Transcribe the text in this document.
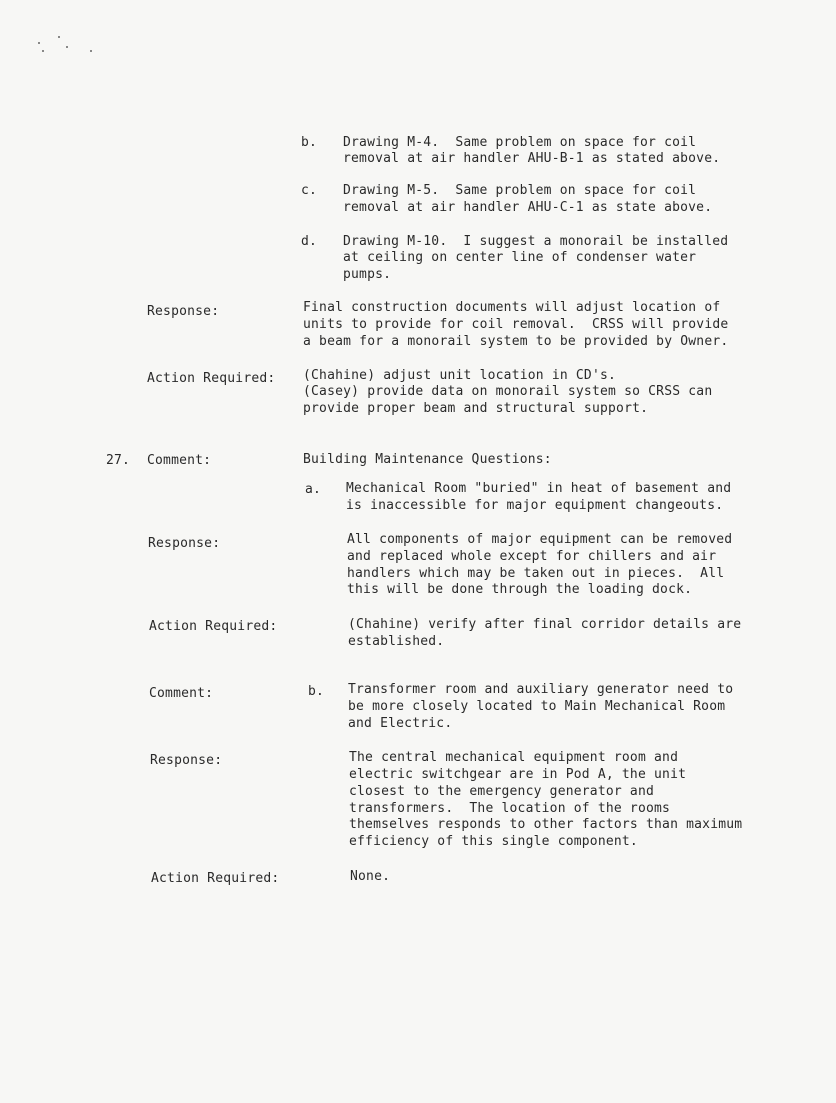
b. Drawing M-4.  Same problem on space for coil
removal at air handler AHU-B-1 as stated above.
c. Drawing M-5.  Same problem on space for coil
removal at air handler AHU-C-1 as state above.
d. Drawing M-10.  I suggest a monorail be installed
at ceiling on center line of condenser water
pumps.
Response:	Final construction documents will adjust location of
units to provide for coil removal.  CRSS will provide
a beam for a monorail system to be provided by Owner.
Action Required: (Chahine) adjust unit location in CD's.
(Casey) provide data on monorail system so CRSS can
provide proper beam and structural support.
27. Comment:	Building Maintenance Questions:
a. Mechanical Room "buried" in heat of basement and
is inaccessible for major equipment changeouts.
Response:	All components of major equipment can be removed
and replaced whole except for chillers and air
handlers which may be taken out in pieces.  All
this will be done through the loading dock.
Action Required:	(Chahine) verify after final corridor details are
established.
Comment:	b. Transformer room and auxiliary generator need to
be more closely located to Main Mechanical Room
and Electric.
Response:	The central mechanical equipment room and
electric switchgear are in Pod A, the unit
closest to the emergency generator and
transformers.  The location of the rooms
themselves responds to other factors than maximum
efficiency of this single component.
Action Required:	None.
